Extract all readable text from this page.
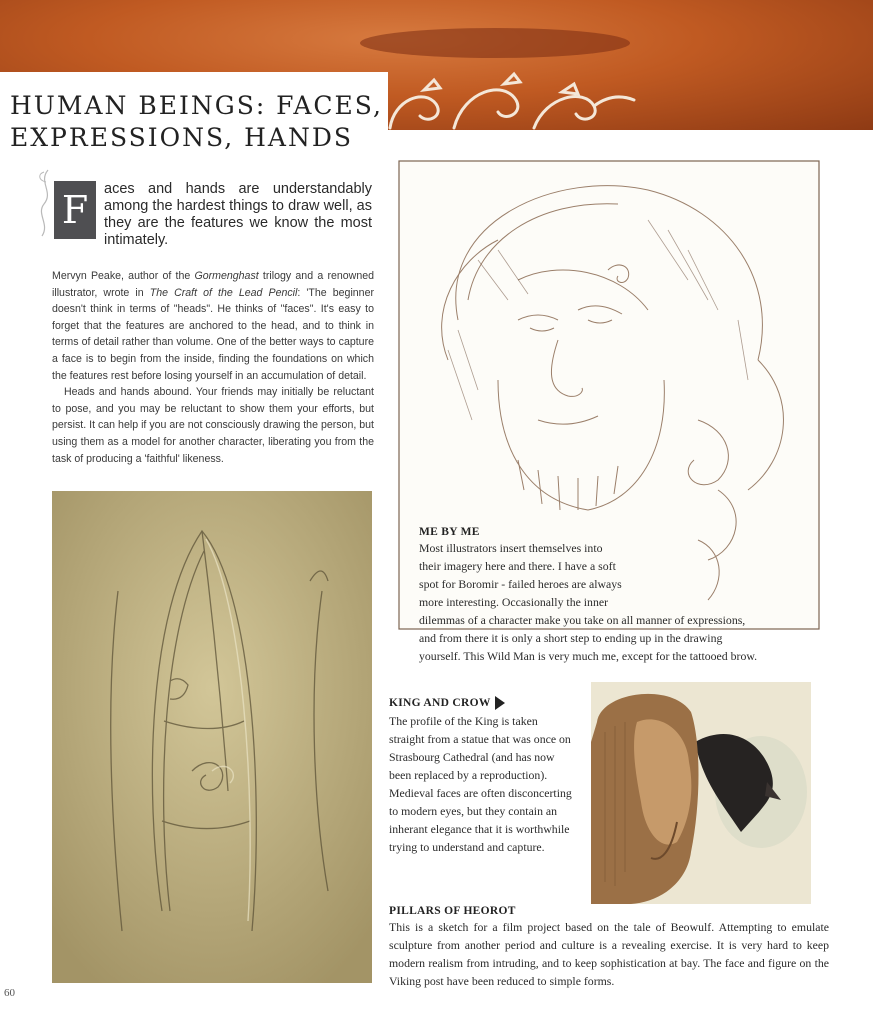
HUMAN BEINGS: FACES,
EXPRESSIONS, HANDS
F	aces and hands are understandably among the hardest things to draw well, as they are the features we know the most intimately.

Mervyn Peake, author of the Gormenghast trilogy and a renowned illustrator, wrote in The Craft of the Lead Pencil: 'The beginner doesn't think in terms of "heads". He thinks of "faces". It's easy to forget that the features are anchored to the head, and to think in terms of detail rather than volume. One of the better ways to capture a face is to begin from the inside, finding the foundations on which the features rest before losing yourself in an accumulation of detail.

Heads and hands abound. Your friends may initially be reluctant to pose, and you may be reluctant to show them your efforts, but persist. It can help if you are not consciously drawing the person, but using them as a model for another character, liberating you from the task of producing a 'faithful' likeness.

ME BY ME
Most illustrators insert themselves into
their imagery here and there. I have a soft
spot for Boromir - failed heroes are always
more interesting. Occasionally the inner
dilemmas of a character make you take on all manner of expressions,
and from there it is only a short step to ending up in the drawing
yourself. This Wild Man is very much me, except for the tattooed brow.
KING AND CROW
The profile of the King is taken straight from a statue that was once on Strasbourg Cathedral (and has now been replaced by a reproduction). Medieval faces are often disconcerting to modern eyes, but they contain an inherant elegance that it is worthwhile trying to understand and capture.
PILLARS OF HEOROT
This is a sketch for a film project based on the tale of Beowulf. Attempting to emulate sculpture from another period and culture is a revealing exercise. It is very hard to keep modern realism from intruding, and to keep sophistication at bay. The face and figure on the Viking post have been reduced to simple forms.
60
